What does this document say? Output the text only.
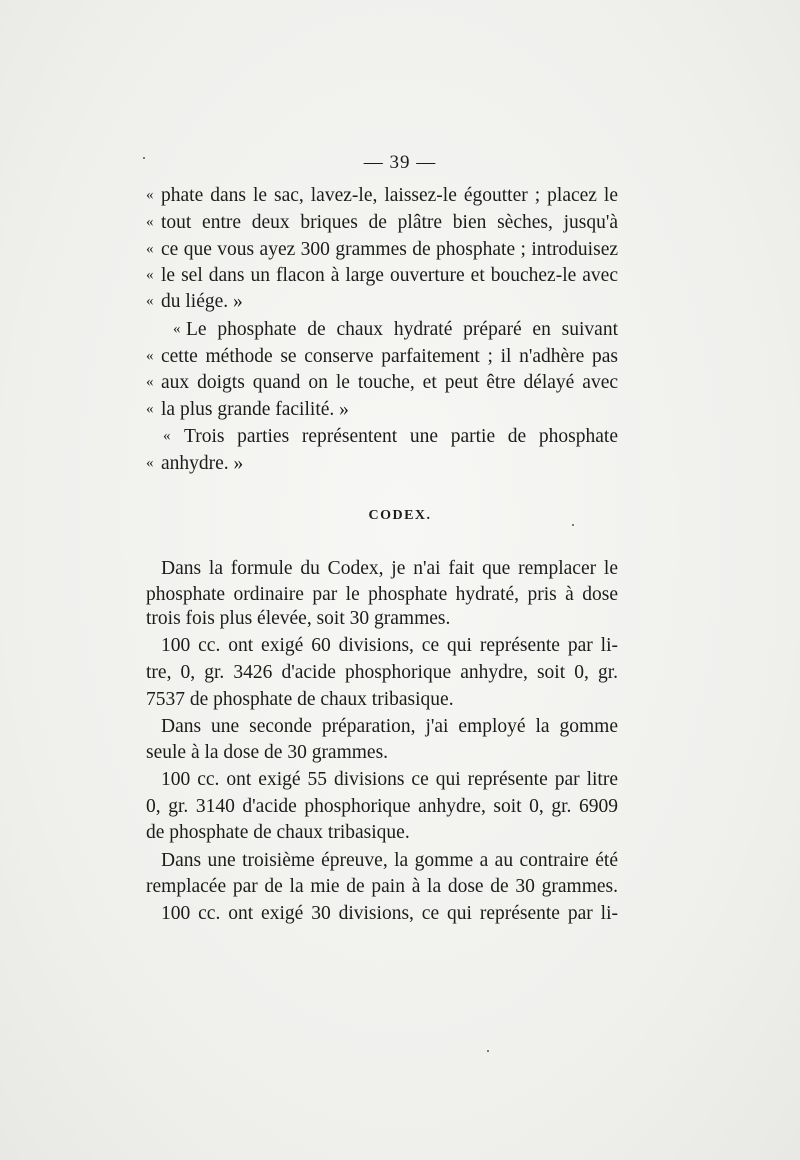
— 39 —
« phate dans le sac, lavez-le, laissez-le égoutter ; placez le
« tout entre deux briques de plâtre bien sèches, jusqu'à
« ce que vous ayez 300 grammes de phosphate ; introduisez
« le sel dans un flacon à large ouverture et bouchez-le avec
« du liége. »
« Le phosphate de chaux hydraté préparé en suivant
« cette méthode se conserve parfaitement ; il n'adhère pas
« aux doigts quand on le touche, et peut être délayé avec
« la plus grande facilité. »
« Trois parties représentent une partie de phosphate
« anhydre. »
CODEX.
Dans la formule du Codex, je n'ai fait que remplacer le
phosphate ordinaire par le phosphate hydraté, pris à dose
trois fois plus élevée, soit 30 grammes.
100 cc. ont exigé 60 divisions, ce qui représente par li-
tre, 0, gr. 3426 d'acide phosphorique anhydre, soit 0, gr.
7537 de phosphate de chaux tribasique.
Dans une seconde préparation, j'ai employé la gomme
seule à la dose de 30 grammes.
100 cc. ont exigé 55 divisions ce qui représente par litre
0, gr. 3140 d'acide phosphorique anhydre, soit 0, gr. 6909
de phosphate de chaux tribasique.
Dans une troisième épreuve, la gomme a au contraire été
remplacée par de la mie de pain à la dose de 30 grammes.
100 cc. ont exigé 30 divisions, ce qui représente par li-
